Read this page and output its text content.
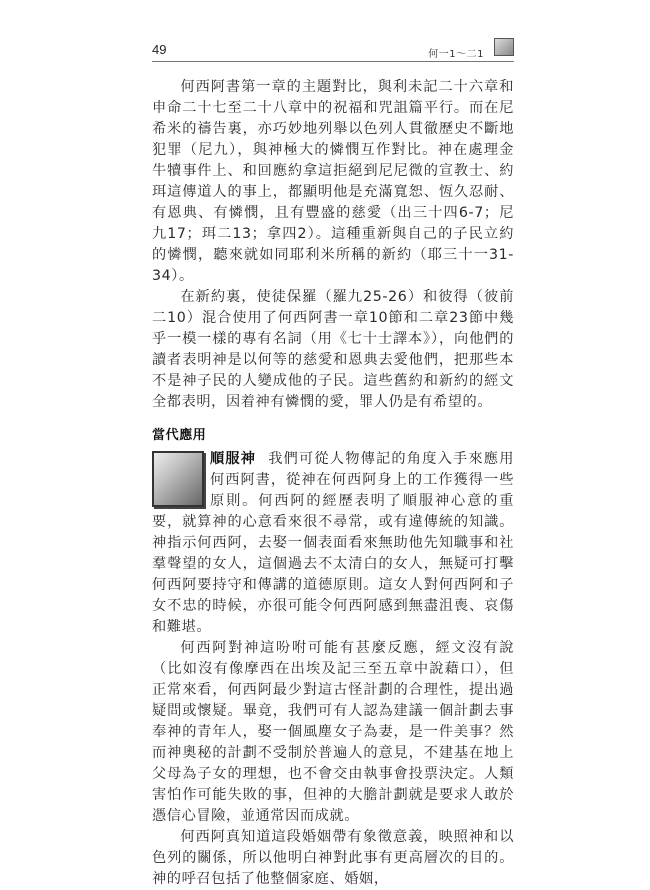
49	何一1～二1

何西阿書第一章的主題對比，與利未記二十六章和申命二十七至二十八章中的祝福和咒詛篇平行。而在尼希米的禱告裏，亦巧妙地列舉以色列人貫徹歷史不斷地犯罪（尼九），與神極大的憐憫互作對比。神在處理金牛犢事件上、和回應約拿這拒絕到尼尼微的宣教士、約珥這傳道人的事上，都顯明他是充滿寬恕、恆久忍耐、有恩典、有憐憫，且有豐盛的慈愛（出三十四6-7；尼九17；珥二13；拿四2）。這種重新與自己的子民立約的憐憫，聽來就如同耶利米所稱的新約（耶三十一31-34）。

在新約裏，使徒保羅（羅九25-26）和彼得（彼前二10）混合使用了何西阿書一章10節和二章23節中幾乎一模一樣的專有名詞（用《七十士譯本》），向他們的讀者表明神是以何等的慈愛和恩典去愛他們，把那些本不是神子民的人變成他的子民。這些舊約和新約的經文全都表明，因着神有憐憫的愛，罪人仍是有希望的。

當代應用

順服神 我們可從人物傳記的角度入手來應用何西阿書，從神在何西阿身上的工作獲得一些原則。何西阿的經歷表明了順服神心意的重要，就算神的心意看來很不尋常，或有違傳統的知識。神指示何西阿，去娶一個表面看來無助他先知職事和社羣聲望的女人，這個過去不太清白的女人，無疑可打擊何西阿要持守和傳講的道德原則。這女人對何西阿和子女不忠的時候，亦很可能令何西阿感到無盡沮喪、哀傷和難堪。

何西阿對神這吩咐可能有甚麼反應，經文沒有說（比如沒有像摩西在出埃及記三至五章中說藉口），但正常來看，何西阿最少對這古怪計劃的合理性，提出過疑問或懷疑。畢竟，我們可有人認為建議一個計劃去事奉神的青年人，娶一個風塵女子為妻，是一件美事？然而神奧秘的計劃不受制於普遍人的意見，不建基在地上父母為子女的理想，也不會交由執事會投票決定。人類害怕作可能失敗的事，但神的大膽計劃就是要求人敢於憑信心冒險，並通常因而成就。

何西阿真知道這段婚姻帶有象徵意義，映照神和以色列的關係，所以他明白神對此事有更高層次的目的。神的呼召包括了他整個家庭、婚姻，
